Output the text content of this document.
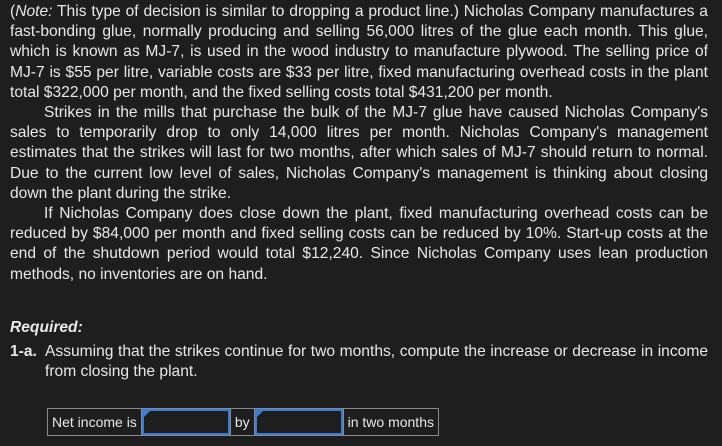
(Note: This type of decision is similar to dropping a product line.) Nicholas Company manufactures a fast-bonding glue, normally producing and selling 56,000 litres of the glue each month. This glue, which is known as MJ-7, is used in the wood industry to manufacture plywood. The selling price of MJ-7 is $55 per litre, variable costs are $33 per litre, fixed manufacturing overhead costs in the plant total $322,000 per month, and the fixed selling costs total $431,200 per month.

Strikes in the mills that purchase the bulk of the MJ-7 glue have caused Nicholas Company's sales to temporarily drop to only 14,000 litres per month. Nicholas Company's management estimates that the strikes will last for two months, after which sales of MJ-7 should return to normal. Due to the current low level of sales, Nicholas Company's management is thinking about closing down the plant during the strike.

If Nicholas Company does close down the plant, fixed manufacturing overhead costs can be reduced by $84,000 per month and fixed selling costs can be reduced by 10%. Start-up costs at the end of the shutdown period would total $12,240. Since Nicholas Company uses lean production methods, no inventories are on hand.

Required:
1-a. Assuming that the strikes continue for two months, compute the increase or decrease in income from closing the plant.
Net income is	by	in two months
